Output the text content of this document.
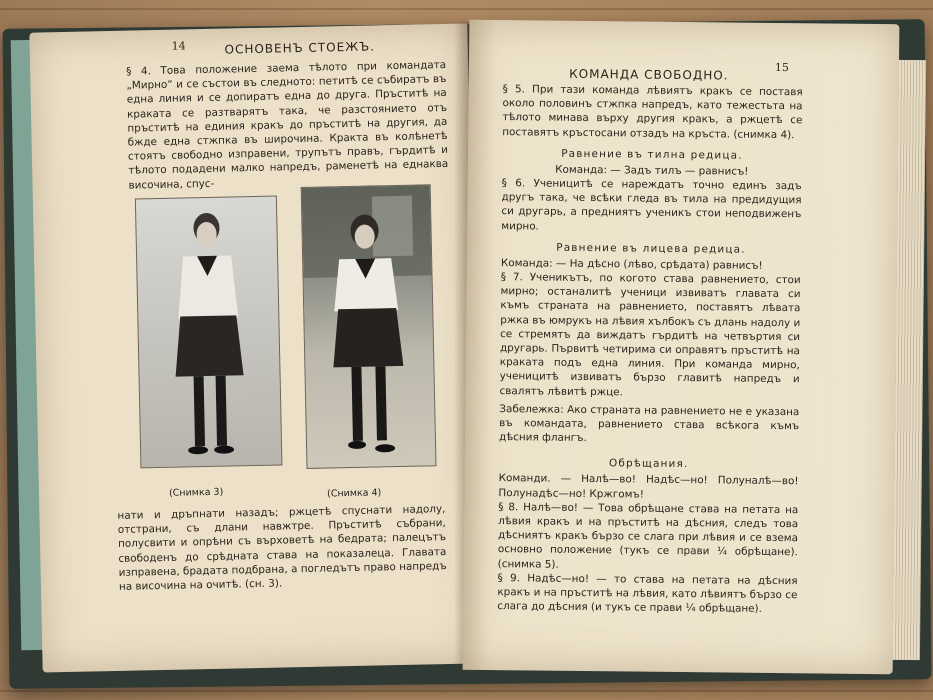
14	ОСНОВЕНЪ СТОЕЖЪ.

§ 4. Това положение заема тѣлото при командата „Мирно“ и се състои въ следното: петитѣ се събиратъ въ една линия и се допиратъ една до друга. Пръститѣ на краката се разтварятъ така, че разстоянието отъ пръститѣ на единия кракъ до пръститѣ на другия, да бжде една стжпка въ широчина. Кракта въ колѣнетѣ стоятъ свободно изправени, трупътъ правъ, гърдитѣ и тѣлото подадени малко напредъ, раменетѣ на еднаква височина, спус-

(Снимка 3)	(Снимка 4)

нати и дръпнати назадъ; ржцетѣ спуснати надолу, отстрани, съ длани навжтре. Пръститѣ събрани, полусвити и опрѣни съ върховетѣ на бедрата; палецътъ свободенъ до срѣдната става на показалеца. Главата изправена, брадата подбрана, а погледътъ право напредъ на височина на очитѣ. (сн. 3).

15
КОМАНДА СВОБОДНО.

§ 5. При тази команда лѣвиятъ кракъ се поставя около половинъ стжпка напредъ, като тежестьта на тѣлото минава върху другия кракъ, а ржцетѣ се поставятъ кръстосани отзадъ на кръста. (снимка 4).

Равнение въ тилна редица.

Команда: — Задъ тилъ — равнисъ!

§ 6. Ученицитѣ се нареждатъ точно единъ задъ другъ така, че всѣки гледа въ тила на предидущия си другарь, а предниятъ ученикъ стои неподвиженъ мирно.

Равнение въ лицева редица.

Команда: — На дѣсно (лѣво, срѣдата) равнисъ!

§ 7. Ученикътъ, по когото става равнението, стои мирно; останалитѣ ученици извиватъ главата си къмъ страната на равнението, поставятъ лѣвата ржка въ юмрукъ на лѣвия хълбокъ съ длань надолу и се стремятъ да виждатъ гърдитѣ на четвъртия си другарь. Първитѣ четирима си оправятъ пръститѣ на краката подъ една линия. При команда мирно, ученицитѣ извиватъ бързо главитѣ напредъ и свалятъ лѣвитѣ ржце.

Забележка: Ако страната на равнението не е указана въ командата, равнението става всѣкога къмъ дѣсния флангъ.

Обрѣщания.

Команди. — Налѣ—во! Надѣс—но! Полуналѣ—во! Полунадѣс—но! Кржгомъ!

§ 8. Налѣ—во! — Това обрѣщане става на петата на лѣвия кракъ и на пръститѣ на дѣсния, следъ това дѣсниятъ кракъ бързо се слага при лѣвия и се взема основно положение (тукъ се прави ¼ обрѣщане). (снимка 5).

§ 9. Надѣс—но! — то става на петата на дѣсния кракъ и на пръститѣ на лѣвия, като лѣвиятъ бързо се слага до дѣсния (и тукъ се прави ¼ обрѣщане).
